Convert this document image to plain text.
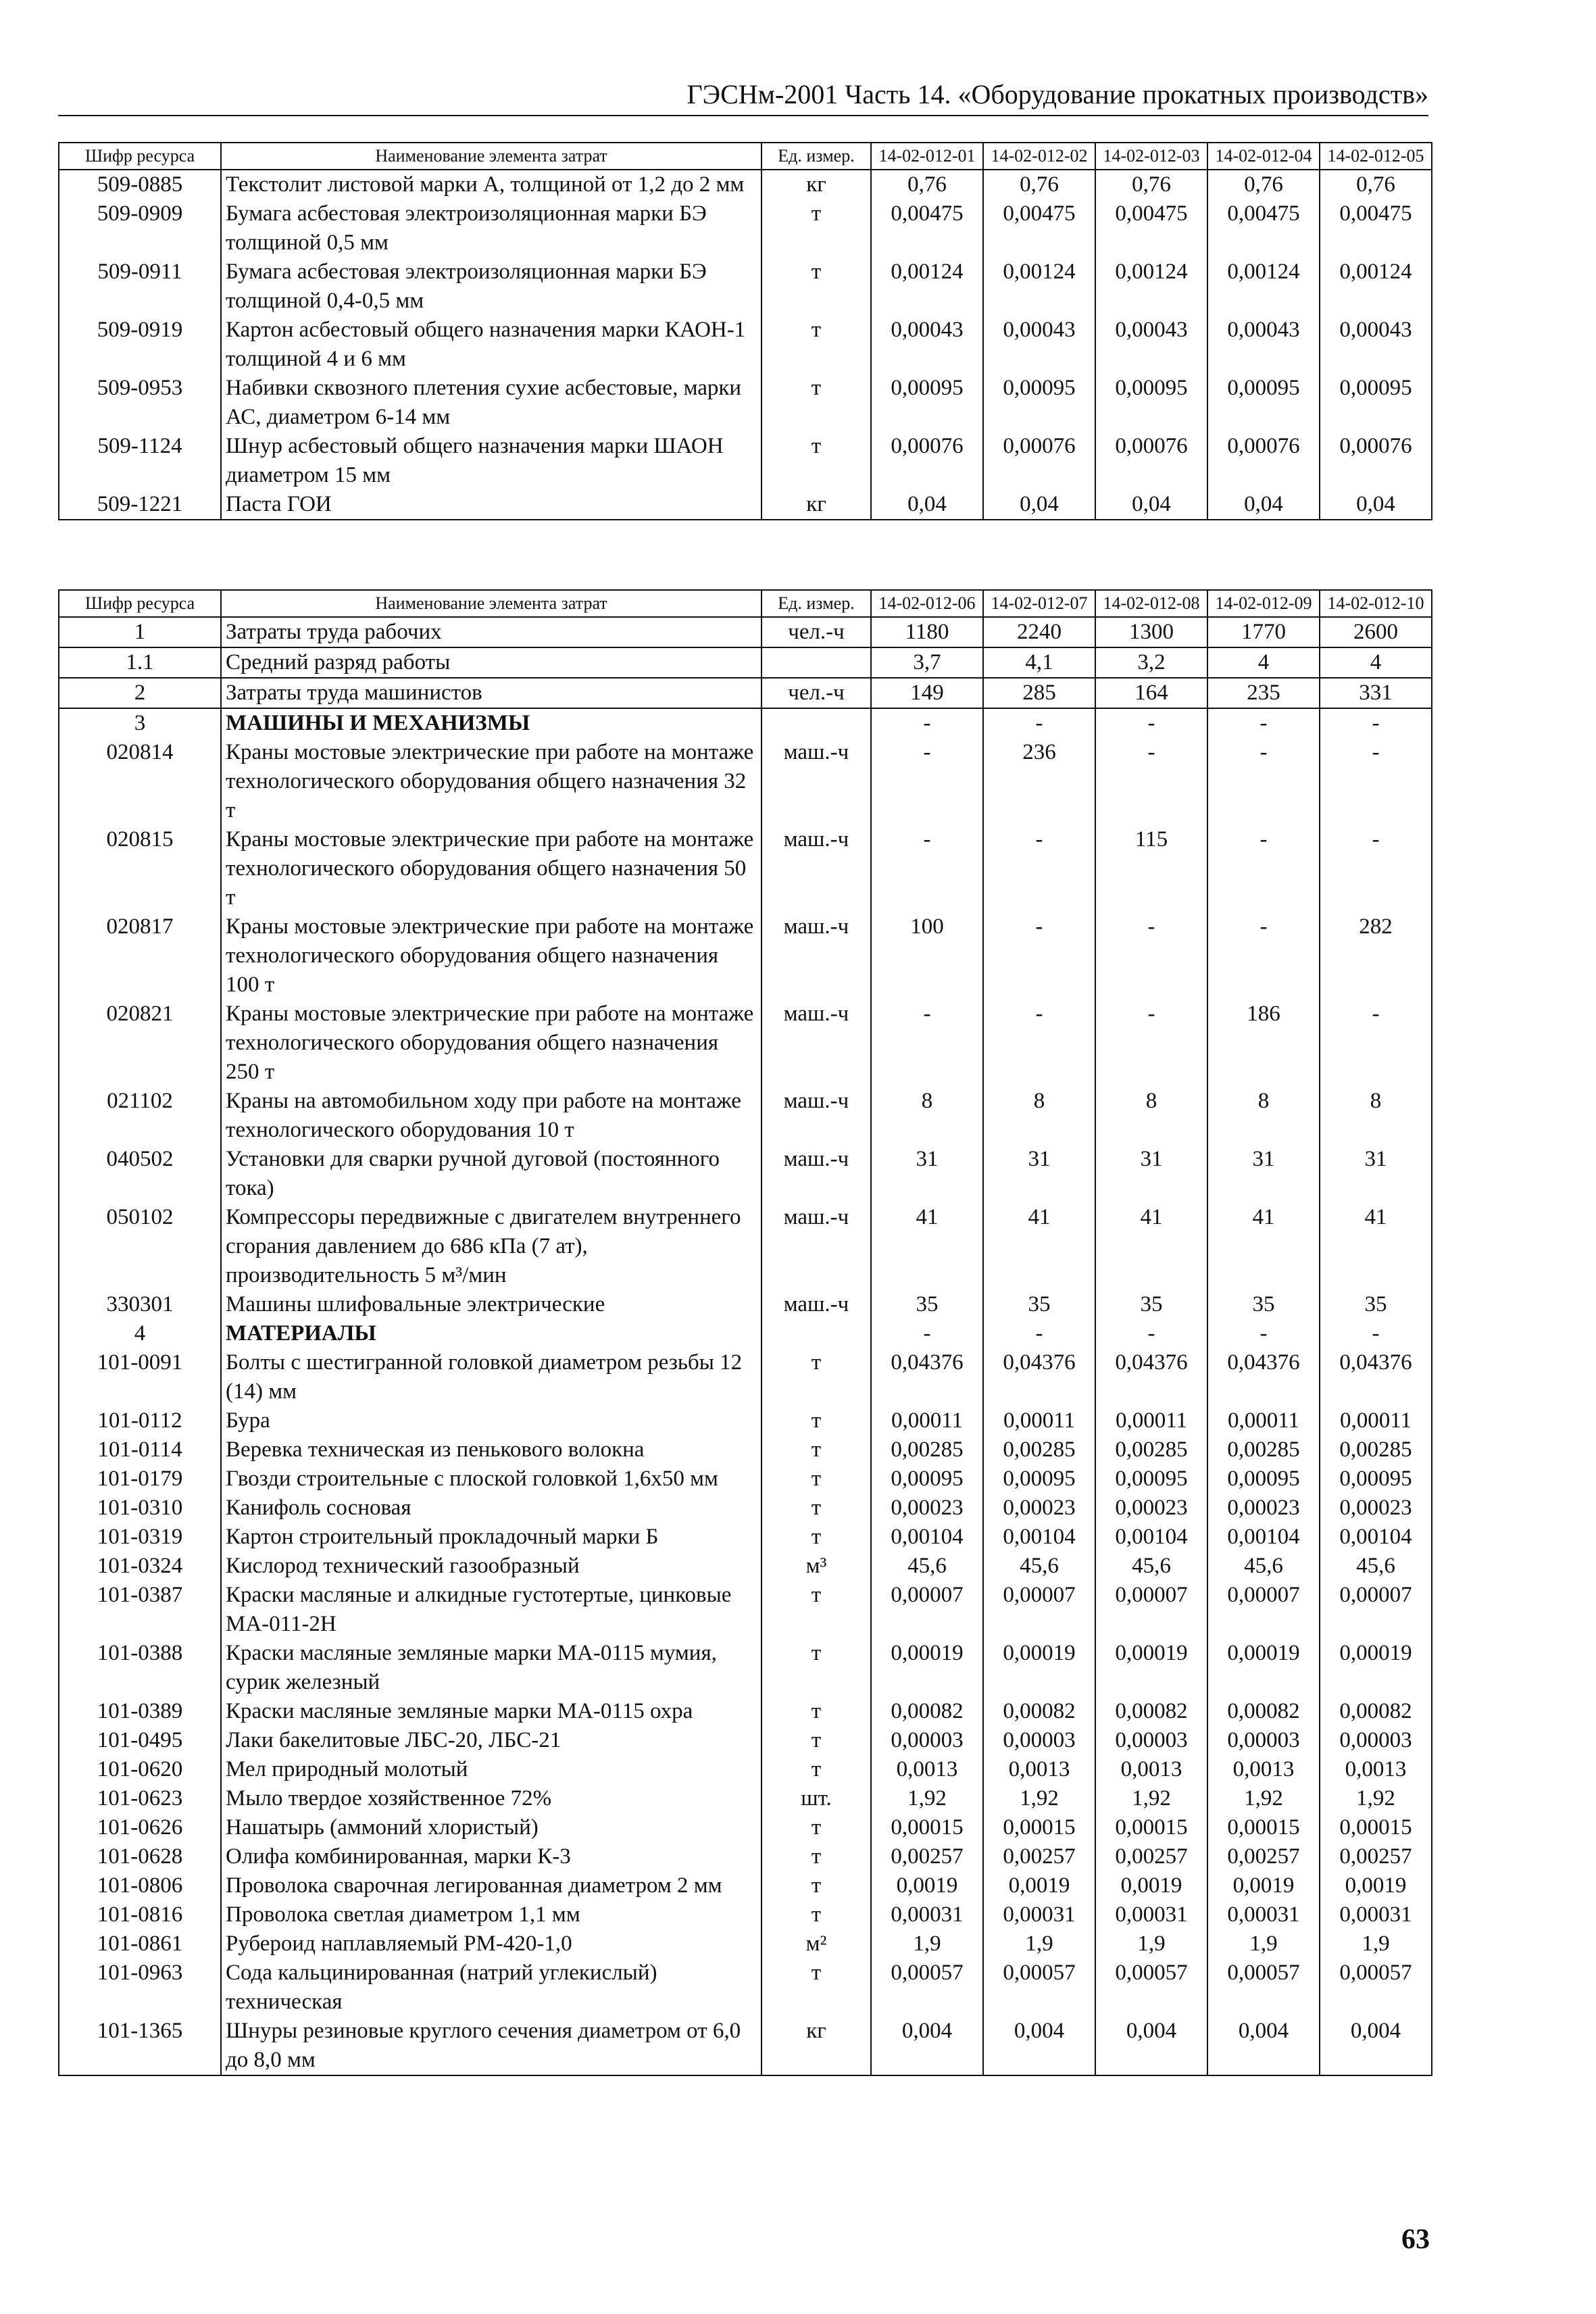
ГЭСНм-2001 Часть 14. «Оборудование прокатных производств»
Шифр ресурса	Наименование элемента затрат	Ед. измер.	14-02-012-01	14-02-012-02	14-02-012-03	14-02-012-04	14-02-012-05
509-0885	Текстолит листовой марки А, толщиной от 1,2 до 2 мм	кг	0,76	0,76	0,76	0,76	0,76
509-0909	Бумага асбестовая электроизоляционная марки БЭ толщиной 0,5 мм	т	0,00475	0,00475	0,00475	0,00475	0,00475
509-0911	Бумага асбестовая электроизоляционная марки БЭ толщиной 0,4-0,5 мм	т	0,00124	0,00124	0,00124	0,00124	0,00124
509-0919	Картон асбестовый общего назначения марки КАОН-1 толщиной 4 и 6 мм	т	0,00043	0,00043	0,00043	0,00043	0,00043
509-0953	Набивки сквозного плетения сухие асбестовые, марки АС, диаметром 6-14 мм	т	0,00095	0,00095	0,00095	0,00095	0,00095
509-1124	Шнур асбестовый общего назначения марки ШАОН диаметром 15 мм	т	0,00076	0,00076	0,00076	0,00076	0,00076
509-1221	Паста ГОИ	кг	0,04	0,04	0,04	0,04	0,04
Шифр ресурса	Наименование элемента затрат	Ед. измер.	14-02-012-06	14-02-012-07	14-02-012-08	14-02-012-09	14-02-012-10
1	Затраты труда рабочих	чел.-ч	1180	2240	1300	1770	2600
1.1	Средний разряд работы		3,7	4,1	3,2	4	4
2	Затраты труда машинистов	чел.-ч	149	285	164	235	331
3	МАШИНЫ И МЕХАНИЗМЫ		-	-	-	-	-
020814	Краны мостовые электрические при работе на монтаже технологического оборудования общего назначения 32 т	маш.-ч	-	236	-	-	-
020815	Краны мостовые электрические при работе на монтаже технологического оборудования общего назначения 50 т	маш.-ч	-	-	115	-	-
020817	Краны мостовые электрические при работе на монтаже технологического оборудования общего назначения 100 т	маш.-ч	100	-	-	-	282
020821	Краны мостовые электрические при работе на монтаже технологического оборудования общего назначения 250 т	маш.-ч	-	-	-	186	-
021102	Краны на автомобильном ходу при работе на монтаже технологического оборудования 10 т	маш.-ч	8	8	8	8	8
040502	Установки для сварки ручной дуговой (постоянного тока)	маш.-ч	31	31	31	31	31
050102	Компрессоры передвижные с двигателем внутреннего сгорания давлением до 686 кПа (7 ат), производительность 5 м³/мин	маш.-ч	41	41	41	41	41
330301	Машины шлифовальные электрические	маш.-ч	35	35	35	35	35
4	МАТЕРИАЛЫ		-	-	-	-	-
101-0091	Болты с шестигранной головкой диаметром резьбы 12 (14) мм	т	0,04376	0,04376	0,04376	0,04376	0,04376
101-0112	Бура	т	0,00011	0,00011	0,00011	0,00011	0,00011
101-0114	Веревка техническая из пенькового волокна	т	0,00285	0,00285	0,00285	0,00285	0,00285
101-0179	Гвозди строительные с плоской головкой 1,6х50 мм	т	0,00095	0,00095	0,00095	0,00095	0,00095
101-0310	Канифоль сосновая	т	0,00023	0,00023	0,00023	0,00023	0,00023
101-0319	Картон строительный прокладочный марки Б	т	0,00104	0,00104	0,00104	0,00104	0,00104
101-0324	Кислород технический газообразный	м³	45,6	45,6	45,6	45,6	45,6
101-0387	Краски масляные и алкидные густотертые, цинковые МА-011-2Н	т	0,00007	0,00007	0,00007	0,00007	0,00007
101-0388	Краски масляные земляные марки МА-0115 мумия, сурик железный	т	0,00019	0,00019	0,00019	0,00019	0,00019
101-0389	Краски масляные земляные марки МА-0115 охра	т	0,00082	0,00082	0,00082	0,00082	0,00082
101-0495	Лаки бакелитовые ЛБС-20, ЛБС-21	т	0,00003	0,00003	0,00003	0,00003	0,00003
101-0620	Мел природный молотый	т	0,0013	0,0013	0,0013	0,0013	0,0013
101-0623	Мыло твердое хозяйственное 72%	шт.	1,92	1,92	1,92	1,92	1,92
101-0626	Нашатырь (аммоний хлористый)	т	0,00015	0,00015	0,00015	0,00015	0,00015
101-0628	Олифа комбинированная, марки К-3	т	0,00257	0,00257	0,00257	0,00257	0,00257
101-0806	Проволока сварочная легированная диаметром 2 мм	т	0,0019	0,0019	0,0019	0,0019	0,0019
101-0816	Проволока светлая диаметром 1,1 мм	т	0,00031	0,00031	0,00031	0,00031	0,00031
101-0861	Рубероид наплавляемый РМ-420-1,0	м²	1,9	1,9	1,9	1,9	1,9
101-0963	Сода кальцинированная (натрий углекислый) техническая	т	0,00057	0,00057	0,00057	0,00057	0,00057
101-1365	Шнуры резиновые круглого сечения диаметром от 6,0 до 8,0 мм	кг	0,004	0,004	0,004	0,004	0,004
63
